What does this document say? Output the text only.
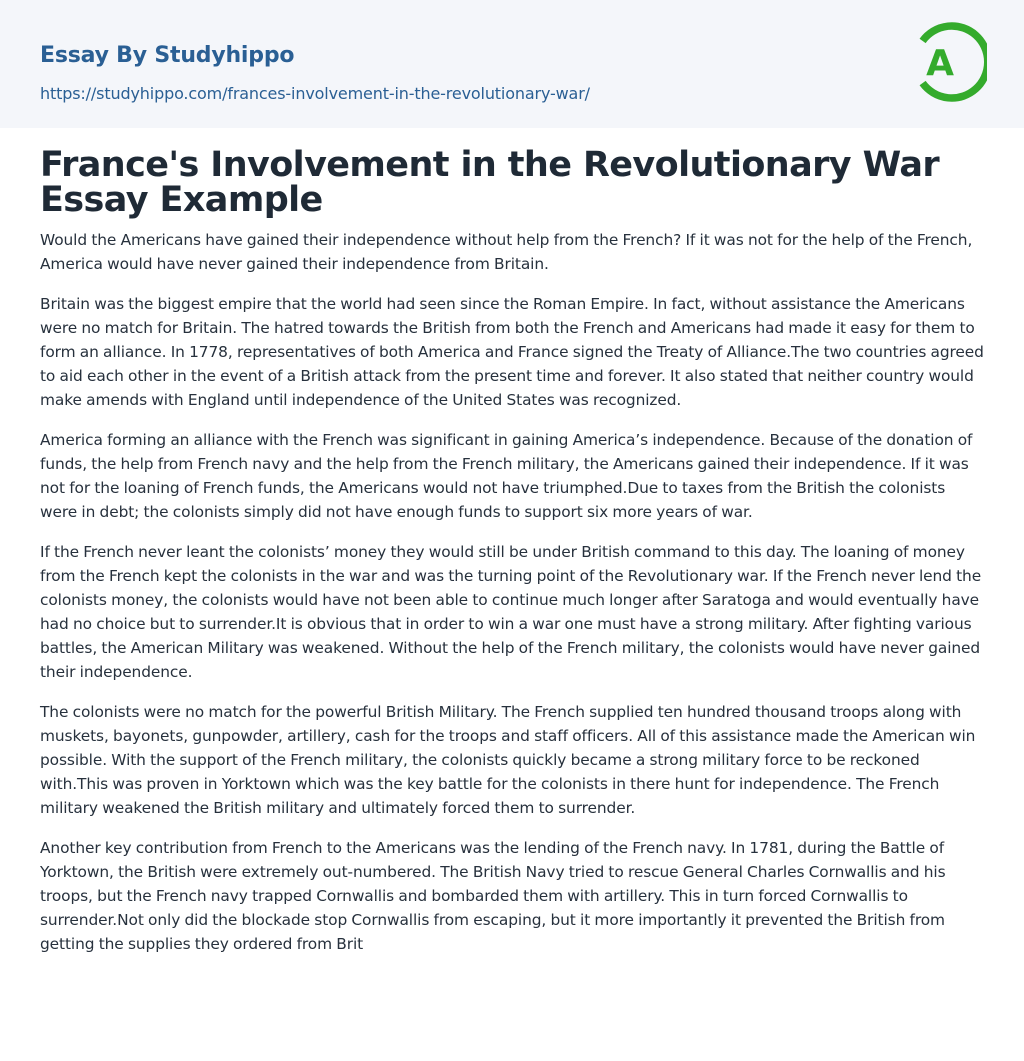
Essay By Studyhippo
https://studyhippo.com/frances-involvement-in-the-revolutionary-war/
A
France's Involvement in the Revolutionary War Essay Example

Would the Americans have gained their independence without help from the French? If it was not for the help of the French, America would have never gained their independence from Britain.

Britain was the biggest empire that the world had seen since the Roman Empire. In fact, without assistance the Americans were no match for Britain. The hatred towards the British from both the French and Americans had made it easy for them to form an alliance. In 1778, representatives of both America and France signed the Treaty of Alliance.The two countries agreed to aid each other in the event of a British attack from the present time and forever. It also stated that neither country would make amends with England until independence of the United States was recognized.

America forming an alliance with the French was significant in gaining America’s independence. Because of the donation of funds, the help from French navy and the help from the French military, the Americans gained their independence. If it was not for the loaning of French funds, the Americans would not have triumphed.Due to taxes from the British the colonists were in debt; the colonists simply did not have enough funds to support six more years of war.

If the French never leant the colonists’ money they would still be under British command to this day. The loaning of money from the French kept the colonists in the war and was the turning point of the Revolutionary war. If the French never lend the colonists money, the colonists would have not been able to continue much longer after Saratoga and would eventually have had no choice but to surrender.It is obvious that in order to win a war one must have a strong military. After fighting various battles, the American Military was weakened. Without the help of the French military, the colonists would have never gained their independence.

The colonists were no match for the powerful British Military. The French supplied ten hundred thousand troops along with muskets, bayonets, gunpowder, artillery, cash for the troops and staff officers. All of this assistance made the American win possible. With the support of the French military, the colonists quickly became a strong military force to be reckoned with.This was proven in Yorktown which was the key battle for the colonists in there hunt for independence. The French military weakened the British military and ultimately forced them to surrender.

Another key contribution from French to the Americans was the lending of the French navy. In 1781, during the Battle of Yorktown, the British were extremely out-numbered. The British Navy tried to rescue General Charles Cornwallis and his troops, but the French navy trapped Cornwallis and bombarded them with artillery. This in turn forced Cornwallis to surrender.Not only did the blockade stop Cornwallis from escaping, but it more importantly it prevented the British from getting the supplies they ordered from Brit
